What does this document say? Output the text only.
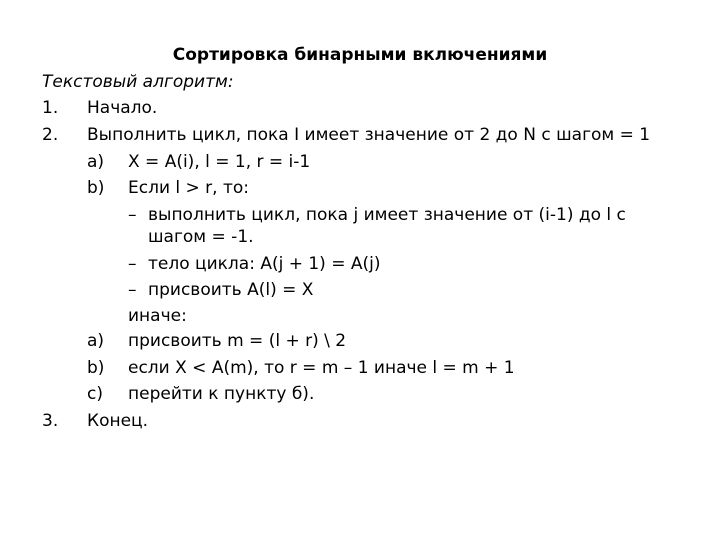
Сортировка бинарными включениями
Текстовый алгоритм:
1. Начало.
2. Выполнить цикл, пока I имеет значение от 2 до N с шагом = 1
a) X = A(i), l = 1, r = i-1
b) Если l > r, то:
– выполнить цикл, пока j имеет значение от (i-1) до l с
шагом = -1.
– тело цикла: A(j + 1) = A(j)
– присвоить A(l) = X
иначе:
a) присвоить m = (l + r) \ 2
b) если X < A(m), то r = m – 1 иначе l = m + 1
c) перейти к пункту б).
3. Конец.
